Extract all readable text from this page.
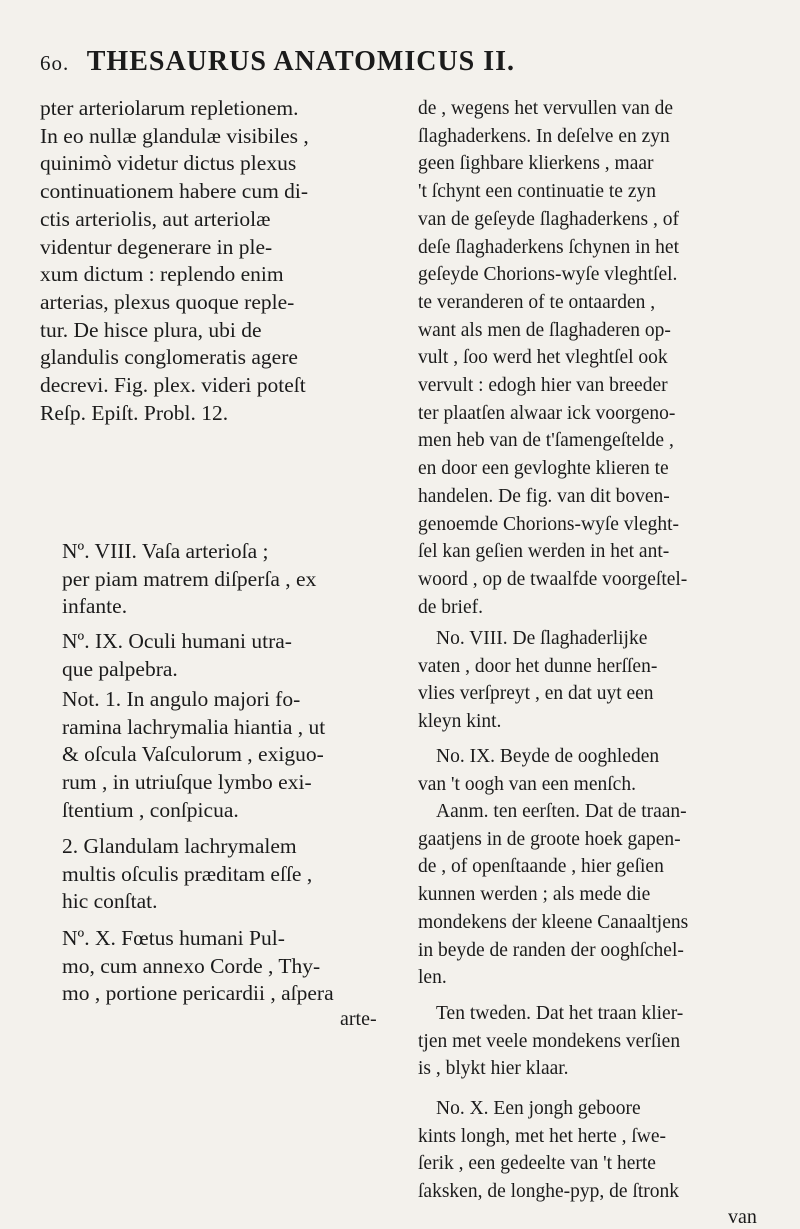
6o. THESAURUS ANATOMICUS II.
pter arteriolarum repletionem.
In eo nullæ glandulæ visibiles ,
quinimò videtur dictus plexus
continuationem habere cum di-
ctis arteriolis, aut arteriolæ
videntur degenerare in ple-
xum dictum : replendo enim
arterias, plexus quoque reple-
tur. De hisce plura, ubi de
glandulis conglomeratis agere
decrevi. Fig. plex. videri poteſt
Reſp. Epiſt. Probl. 12.
Nº. VIII. Vaſa arterioſa ;
per piam matrem diſperſa , ex
infante.
Nº. IX. Oculi humani utra-
que palpebra.
Not. 1. In angulo majori fo-
ramina lachrymalia hiantia , ut
& oſcula Vaſculorum , exiguo-
rum , in utriuſque lymbo exi-
ſtentium , conſpicua.
2. Glandulam lachrymalem
multis oſculis præditam eſſe ,
hic conſtat.
Nº. X. Fœtus humani Pul-
mo, cum annexo Corde , Thy-
mo , portione pericardii , aſpera
arte-
de , wegens het vervullen van de
ſlaghaderkens. In deſelve en zyn
geen ſighbare klierkens , maar
't ſchynt een continuatie te zyn
van de geſeyde ſlaghaderkens , of
deſe ſlaghaderkens ſchynen in het
geſeyde Chorions-wyſe vleghtſel.
te veranderen of te ontaarden ,
want als men de ſlaghaderen op-
vult , ſoo werd het vleghtſel ook
vervult : edogh hier van breeder
ter plaatſen alwaar ick voorgeno-
men heb van de t'ſamengeſtelde ,
en door een gevloghte klieren te
handelen. De fig. van dit boven-
genoemde Chorions-wyſe vleght-
ſel kan geſien werden in het ant-
woord , op de twaalfde voorgeſtel-
de brief.
No. VIII. De ſlaghaderlijke
vaten , door het dunne herſſen-
vlies verſpreyt , en dat uyt een
kleyn kint.
No. IX. Beyde de ooghleden
van 't oogh van een menſch.
Aanm. ten eerſten. Dat de traan-
gaatjens in de groote hoek gapen-
de , of openſtaande , hier geſien
kunnen werden ; als mede die
mondekens der kleene Canaaltjens
in beyde de randen der ooghſchel-
len.
Ten tweden. Dat het traan klier-
tjen met veele mondekens verſien
is , blykt hier klaar.
No. X. Een jongh geboore
kints longh, met het herte , ſwe-
ſerik , een gedeelte van 't herte
ſaksken, de longhe-pyp, de ſtronk
van
